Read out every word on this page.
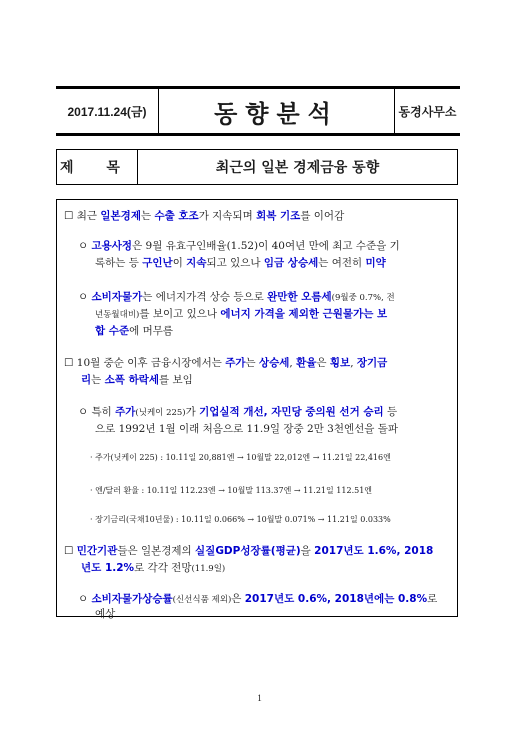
2017.11.24(금)	동향분석	동경사무소
제 목	최근의 일본 경제금융 동향
☐ 최근 일본경제는 수출 호조가 지속되며 회복 기조를 이어감
ㅇ 고용사정은 9월 유효구인배율(1.52)이 40여년 만에 최고 수준을 기
록하는 등 구인난이 지속되고 있으나 임금 상승세는 여전히 미약
ㅇ 소비자물가는 에너지가격 상승 등으로 완만한 오름세(9월중 0.7%, 전
년동월대비)를 보이고 있으나 에너지 가격을 제외한 근원물가는 보
합 수준에 머무름
☐ 10월 중순 이후 금융시장에서는 주가는 상승세, 환율은 횡보, 장기금
리는 소폭 하락세를 보임
ㅇ 특히 주가(닛케이 225)가 기업실적 개선, 자민당 중의원 선거 승리 등
으로 1992년 1월 이래 처음으로 11.9일 장중 2만 3천엔선을 돌파
· 주가(닛케이 225) : 10.11일 20,881엔 → 10월말 22,012엔 → 11.21일 22,416엔
· 엔/달러 환율 : 10.11일 112.23엔 → 10월말 113.37엔 → 11.21일 112.51엔
· 장기금리(국채10년물) : 10.11일 0.066% → 10월말 0.071% → 11.21일 0.033%
☐ 민간기관들은 일본경제의 실질GDP성장률(평균)을 2017년도 1.6%, 2018
년도 1.2%로 각각 전망(11.9일)
ㅇ 소비자물가상승률(신선식품 제외)은 2017년도 0.6%, 2018년에는 0.8%로
예상
1
